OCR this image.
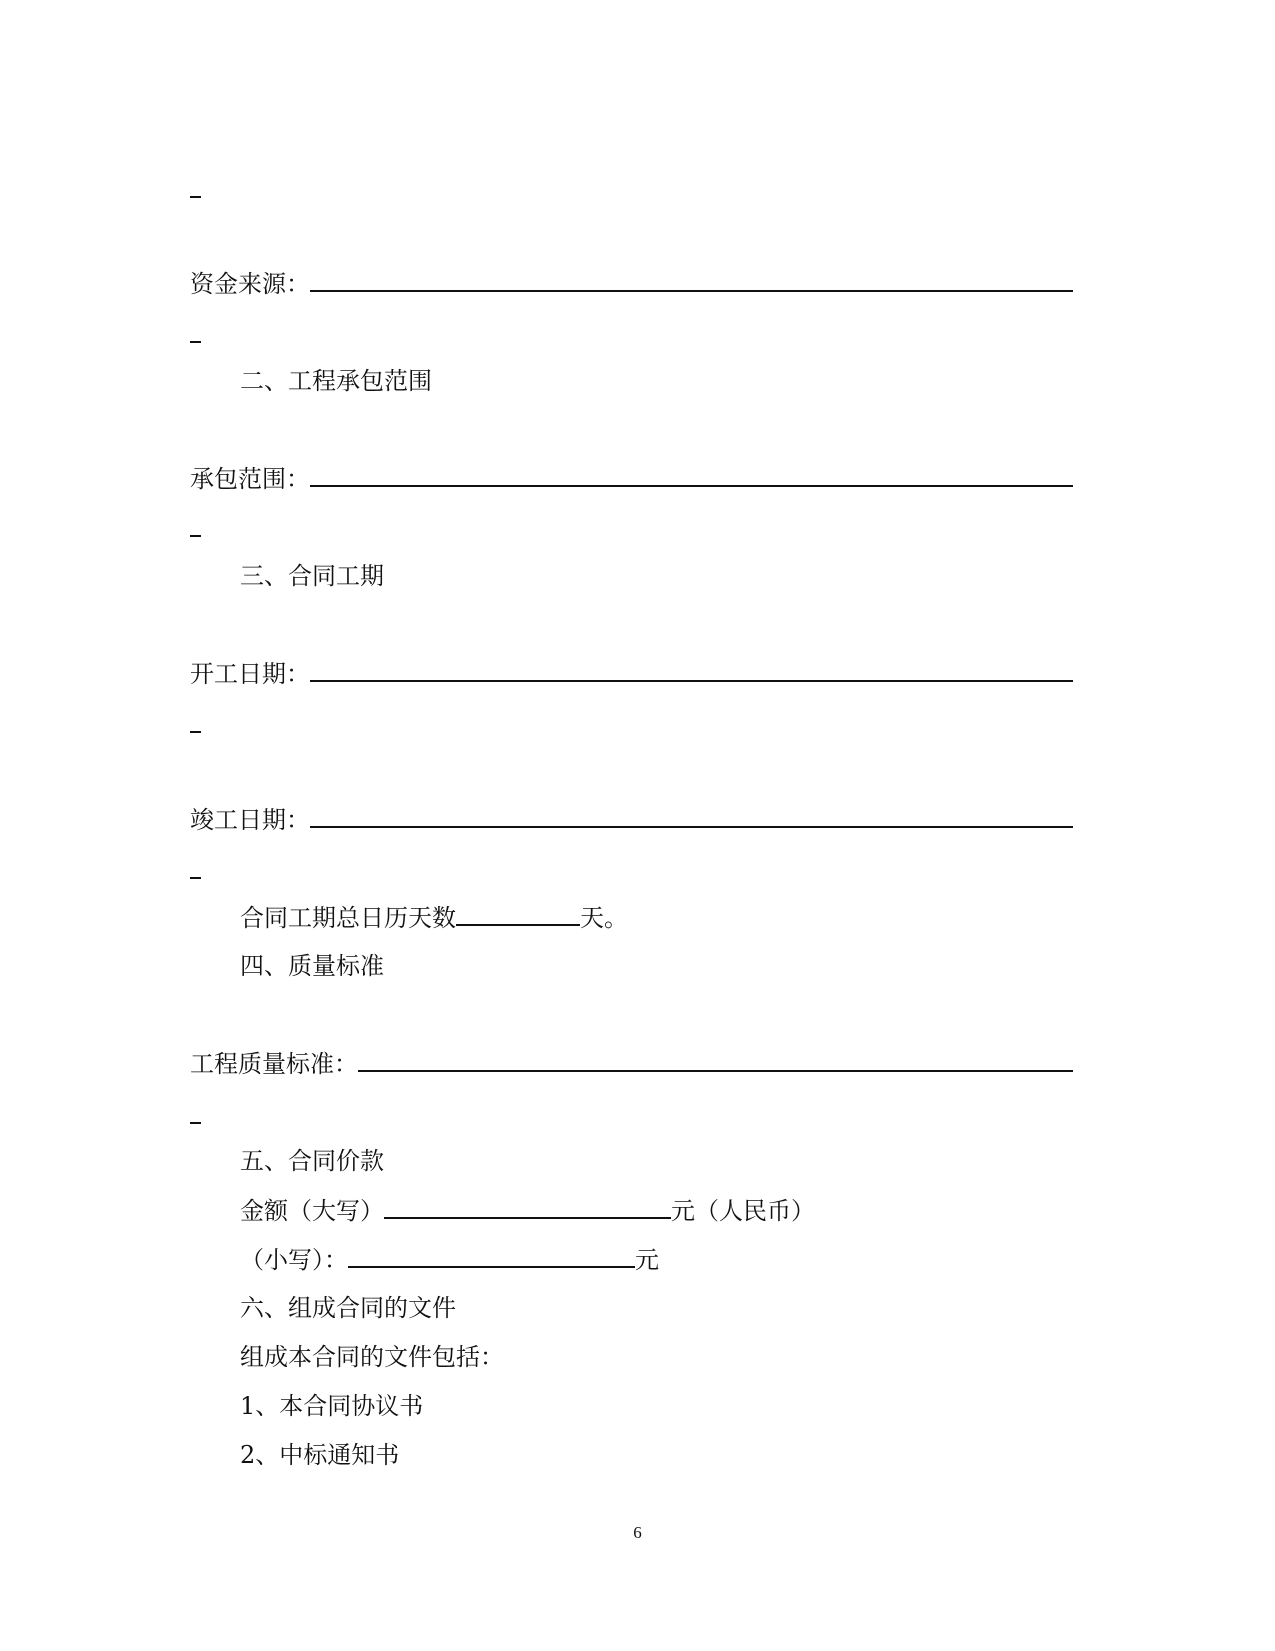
资金来源：

二、工程承包范围

承包范围：

三、合同工期

开工日期：

竣工日期：

合同工期总日历天数	天。

四、质量标准

工程质量标准：

五、合同价款

金额（大写）	元（人民币）

（小写）：	元

六、组成合同的文件

组成本合同的文件包括：

1、本合同协议书

2、中标通知书

6
